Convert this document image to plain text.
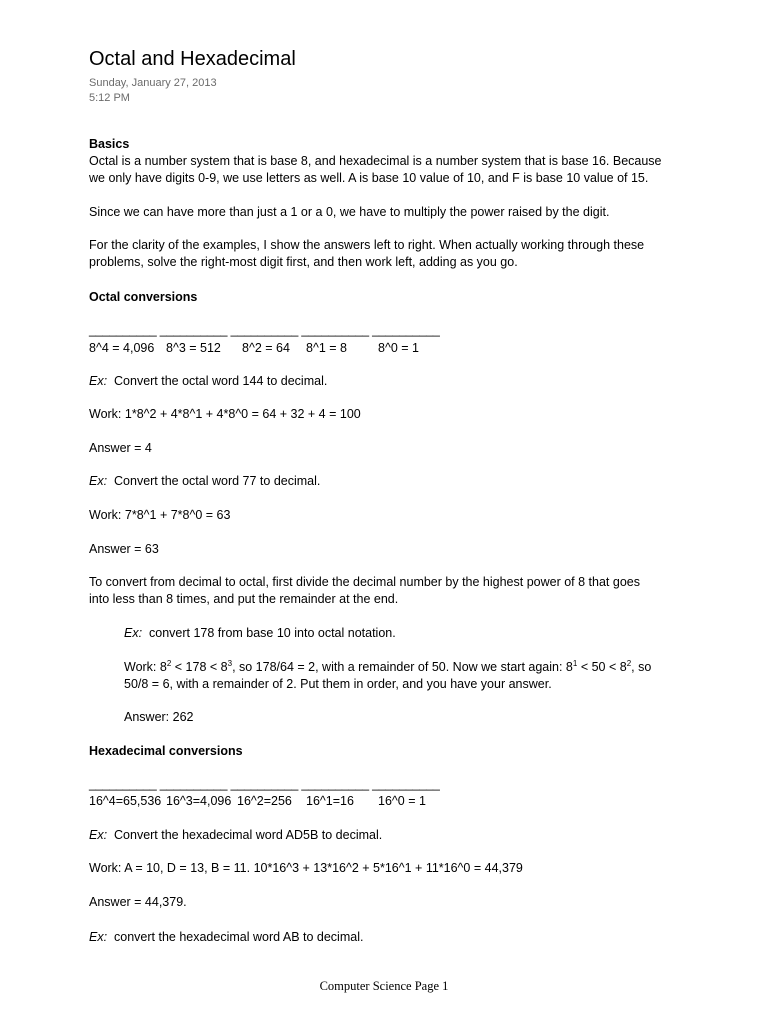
Octal and Hexadecimal
Sunday, January 27, 2013
5:12 PM
Basics
Octal is a number system that is base 8, and hexadecimal is a number system that is base 16. Because
we only have digits 0-9, we use letters as well. A is base 10 value of 10, and F is base 10 value of 15.
Since we can have more than just a 1 or a 0, we have to multiply the power raised by the digit.
For the clarity of the examples, I show the answers left to right. When actually working through these
problems, solve the right-most digit first, and then work left, adding as you go.
Octal conversions
__________ __________ __________ __________ __________
8^4 = 4,096 8^3 = 512 8^2 = 64 8^1 = 8 8^0 = 1
Ex: Convert the octal word 144 to decimal.
Work: 1*8^2 + 4*8^1 + 4*8^0 = 64 + 32 + 4 = 100
Answer = 4
Ex: Convert the octal word 77 to decimal.
Work: 7*8^1 + 7*8^0 = 63
Answer = 63
To convert from decimal to octal, first divide the decimal number by the highest power of 8 that goes
into less than 8 times, and put the remainder at the end.
Ex: convert 178 from base 10 into octal notation.
Work: $8^2 < 178 < 8^3$, so 178/64 = 2, with a remainder of 50. Now we start again: $8^1 < 50 < 8^2$, so
50/8 = 6, with a remainder of 2. Put them in order, and you have your answer.
Answer: 262
Hexadecimal conversions
__________ __________ __________ __________ __________
16^4=65,536 16^3=4,096 16^2=256 16^1=16 16^0 = 1
Ex: Convert the hexadecimal word AD5B to decimal.
Work: A = 10, D = 13, B = 11. 10*16^3 + 13*16^2 + 5*16^1 + 11*16^0 = 44,379
Answer = 44,379.
Ex: convert the hexadecimal word AB to decimal.
Computer Science Page 1
